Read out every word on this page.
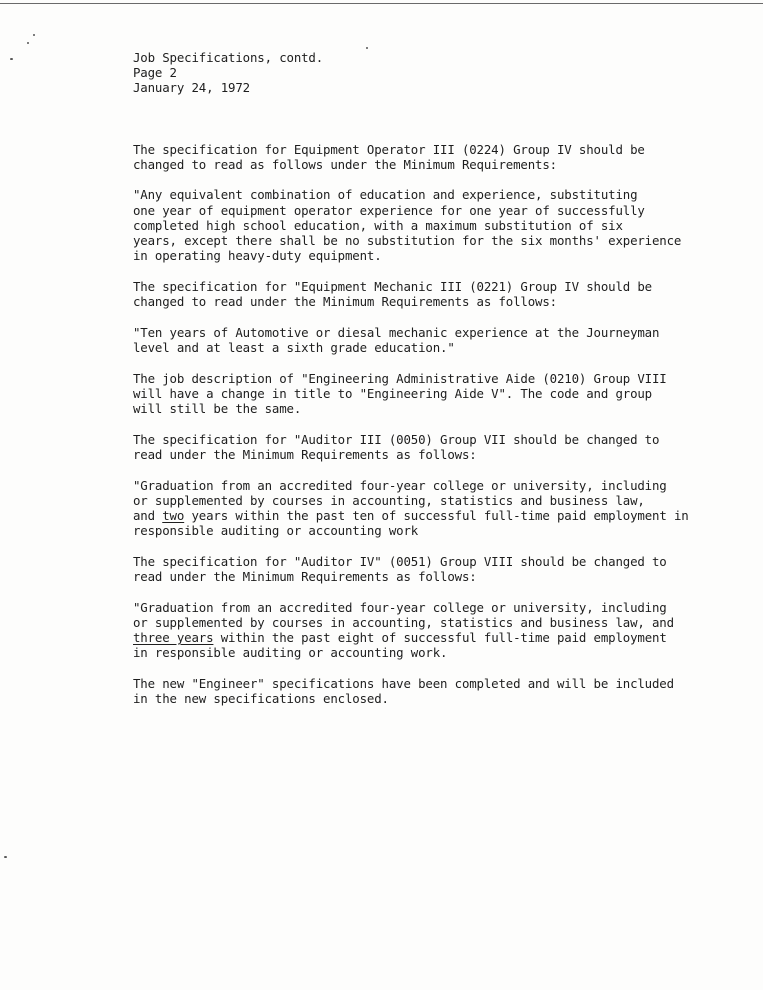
Job Specifications, contd.
Page 2
January 24, 1972
The specification for Equipment Operator III (0224) Group IV should be
changed to read as follows under the Minimum Requirements:
"Any equivalent combination of education and experience, substituting
one year of equipment operator experience for one year of successfully
completed high school education, with a maximum substitution of six
years, except there shall be no substitution for the six months' experience
in operating heavy-duty equipment.
The specification for "Equipment Mechanic III (0221) Group IV should be
changed to read under the Minimum Requirements as follows:
"Ten years of Automotive or diesal mechanic experience at the Journeyman
level and at least a sixth grade education."
The job description of "Engineering Administrative Aide (0210) Group VIII
will have a change in title to "Engineering Aide V". The code and group
will still be the same.
The specification for "Auditor III (0050) Group VII should be changed to
read under the Minimum Requirements as follows:
"Graduation from an accredited four-year college or university, including
or supplemented by courses in accounting, statistics and business law,
and two years within the past ten of successful full-time paid employment in
responsible auditing or accounting work
The specification for "Auditor IV" (0051) Group VIII should be changed to
read under the Minimum Requirements as follows:
"Graduation from an accredited four-year college or university, including
or supplemented by courses in accounting, statistics and business law, and
three years within the past eight of successful full-time paid employment
in responsible auditing or accounting work.
The new "Engineer" specifications have been completed and will be included
in the new specifications enclosed.
